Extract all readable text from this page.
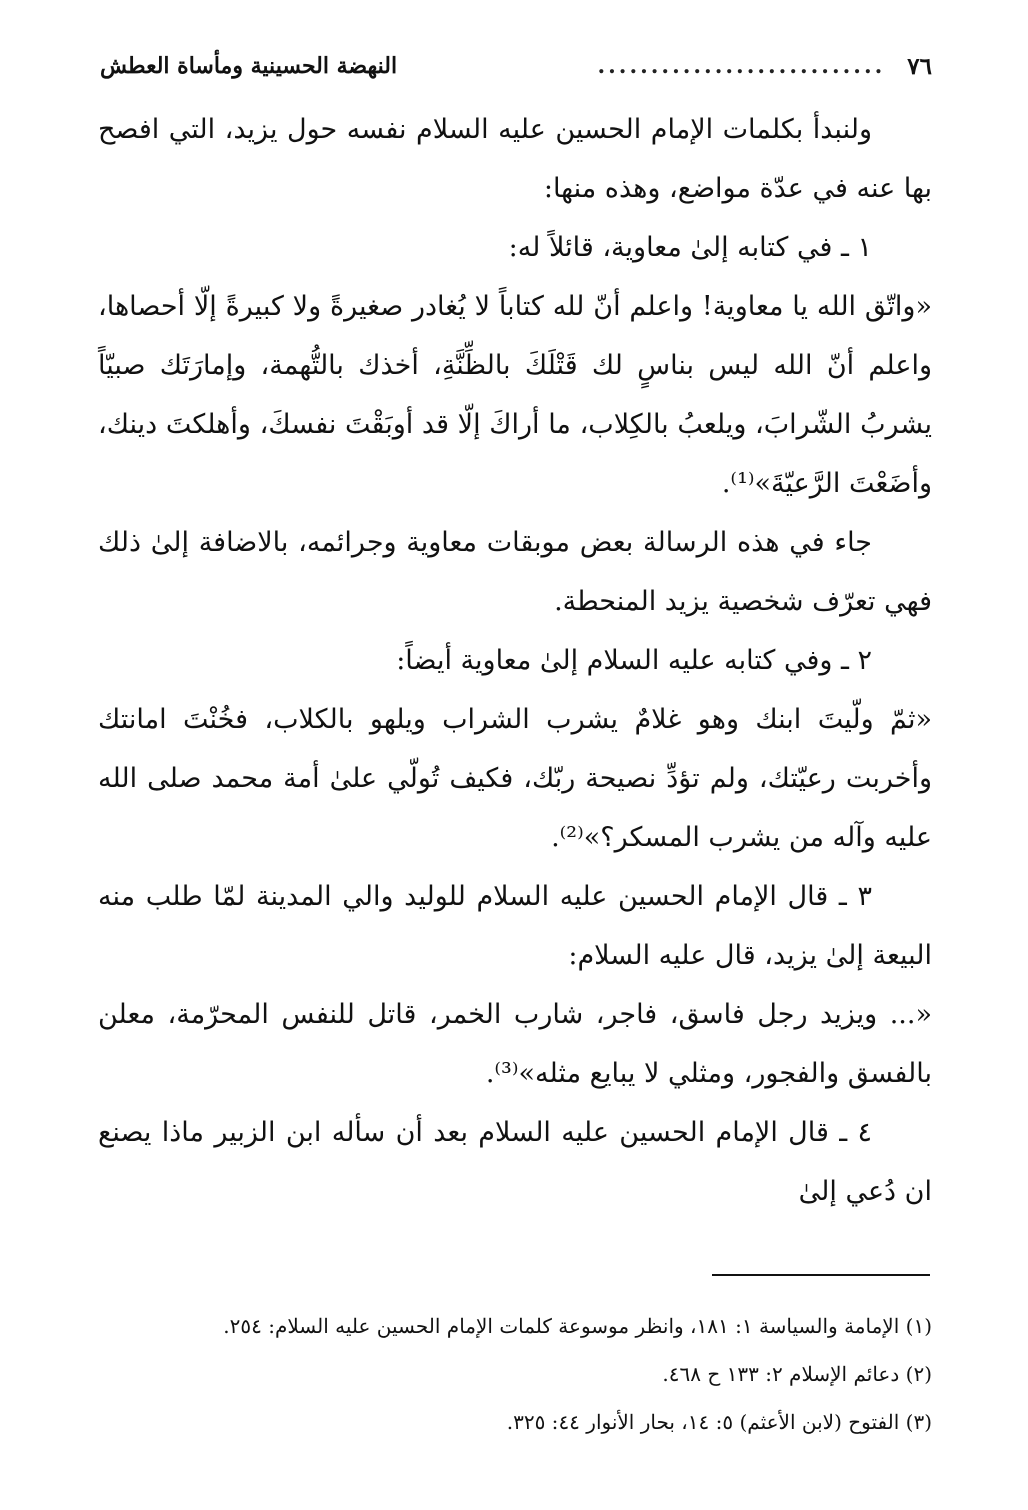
٧٦
...........................
النهضة الحسينية ومأساة العطش

ولنبدأ بكلمات الإمام الحسين عليه السلام نفسه حول يزيد، التي افصح بها عنه في عدّة مواضع، وهذه منها:

١ ـ في كتابه إلىٰ معاوية، قائلاً له:

«واتّق الله يا معاوية! واعلم أنّ لله كتاباً لا يُغادر صغيرةً ولا كبيرةً إلّا أحصاها، واعلم أنّ الله ليس بناسٍ لك قَتْلَكَ بالظِّنَّةِ، أخذك بالتُّهمة، وإمارَتَك صبيّاً يشربُ الشّرابَ، ويلعبُ بالكِلاب، ما أراكَ إلّا قد أوبَقْتَ نفسكَ، وأهلكتَ دينك، وأضَعْتَ الرَّعيّةَ»⁽¹⁾.

جاء في هذه الرسالة بعض موبقات معاوية وجرائمه، بالاضافة إلىٰ ذلك فهي تعرّف شخصية يزيد المنحطة.

٢ ـ وفي كتابه عليه السلام إلىٰ معاوية أيضاً:

«ثمّ ولّيتَ ابنك وهو غلامٌ يشرب الشراب ويلهو بالكلاب، فخُنْتَ امانتك وأخربت رعيّتك، ولم تؤدِّ نصيحة ربّك، فكيف تُولّي علىٰ أمة محمد صلى الله عليه وآله من يشرب المسكر؟»⁽²⁾.

٣ ـ قال الإمام الحسين عليه السلام للوليد والي المدينة لمّا طلب منه البيعة إلىٰ يزيد، قال عليه السلام:

«... ويزيد رجل فاسق، فاجر، شارب الخمر، قاتل للنفس المحرّمة، معلن بالفسق والفجور، ومثلي لا يبايع مثله»⁽³⁾.

٤ ـ قال الإمام الحسين عليه السلام بعد أن سأله ابن الزبير ماذا يصنع ان دُعي إلىٰ

(١) الإمامة والسياسة ١: ١٨١، وانظر موسوعة كلمات الإمام الحسين عليه السلام: ٢٥٤.

(٢) دعائم الإسلام ٢: ١٣٣ ح ٤٦٨.

(٣) الفتوح (لابن الأعثم) ٥: ١٤، بحار الأنوار ٤٤: ٣٢٥.
